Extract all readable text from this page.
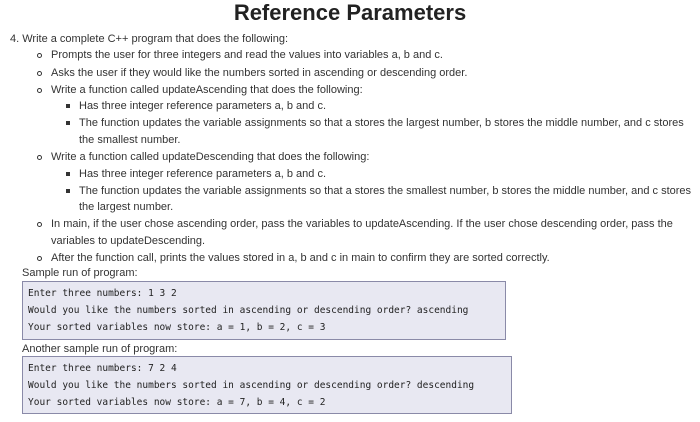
Reference Parameters
4. Write a complete C++ program that does the following:
Prompts the user for three integers and read the values into variables a, b and c.
Asks the user if they would like the numbers sorted in ascending or descending order.
Write a function called updateAscending that does the following:
Has three integer reference parameters a, b and c.
The function updates the variable assignments so that a stores the largest number, b stores the middle number, and c stores
the smallest number.
Write a function called updateDescending that does the following:
Has three integer reference parameters a, b and c.
The function updates the variable assignments so that a stores the smallest number, b stores the middle number, and c stores
the largest number.
In main, if the user chose ascending order, pass the variables to updateAscending. If the user chose descending order, pass the
variables to updateDescending.
After the function call, prints the values stored in a, b and c in main to confirm they are sorted correctly.
Sample run of program:
Enter three numbers: 1 3 2
Would you like the numbers sorted in ascending or descending order? ascending
Your sorted variables now store: a = 1, b = 2, c = 3
Another sample run of program:
Enter three numbers: 7 2 4
Would you like the numbers sorted in ascending or descending order? descending
Your sorted variables now store: a = 7, b = 4, c = 2
